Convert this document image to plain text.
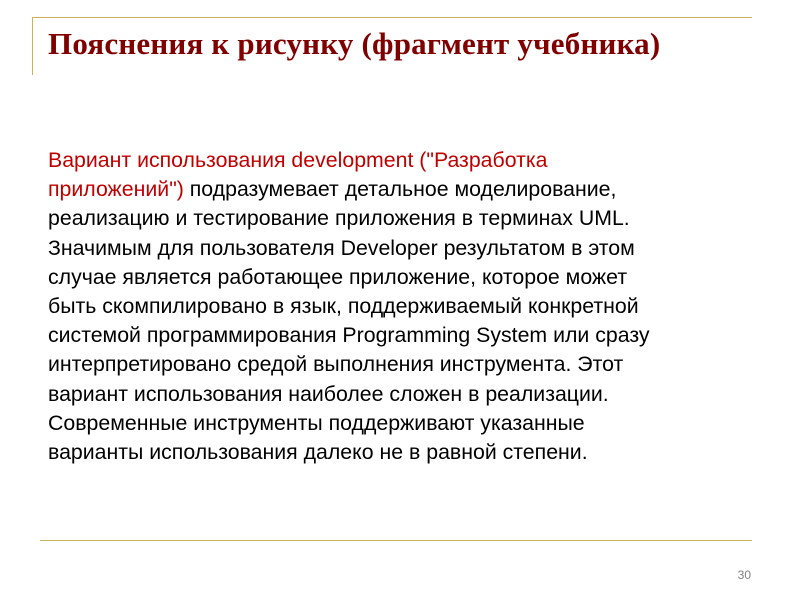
Пояснения к рисунку (фрагмент учебника)

Вариант использования development ("Разработка
приложений") подразумевает детальное моделирование,
реализацию и тестирование приложения в терминах UML.
Значимым для пользователя Developer результатом в этом
случае является работающее приложение, которое может
быть скомпилировано в язык, поддерживаемый конкретной
системой программирования Programming System или сразу
интерпретировано средой выполнения инструмента. Этот
вариант использования наиболее сложен в реализации.
Современные инструменты поддерживают указанные
варианты использования далеко не в равной степени.

30
